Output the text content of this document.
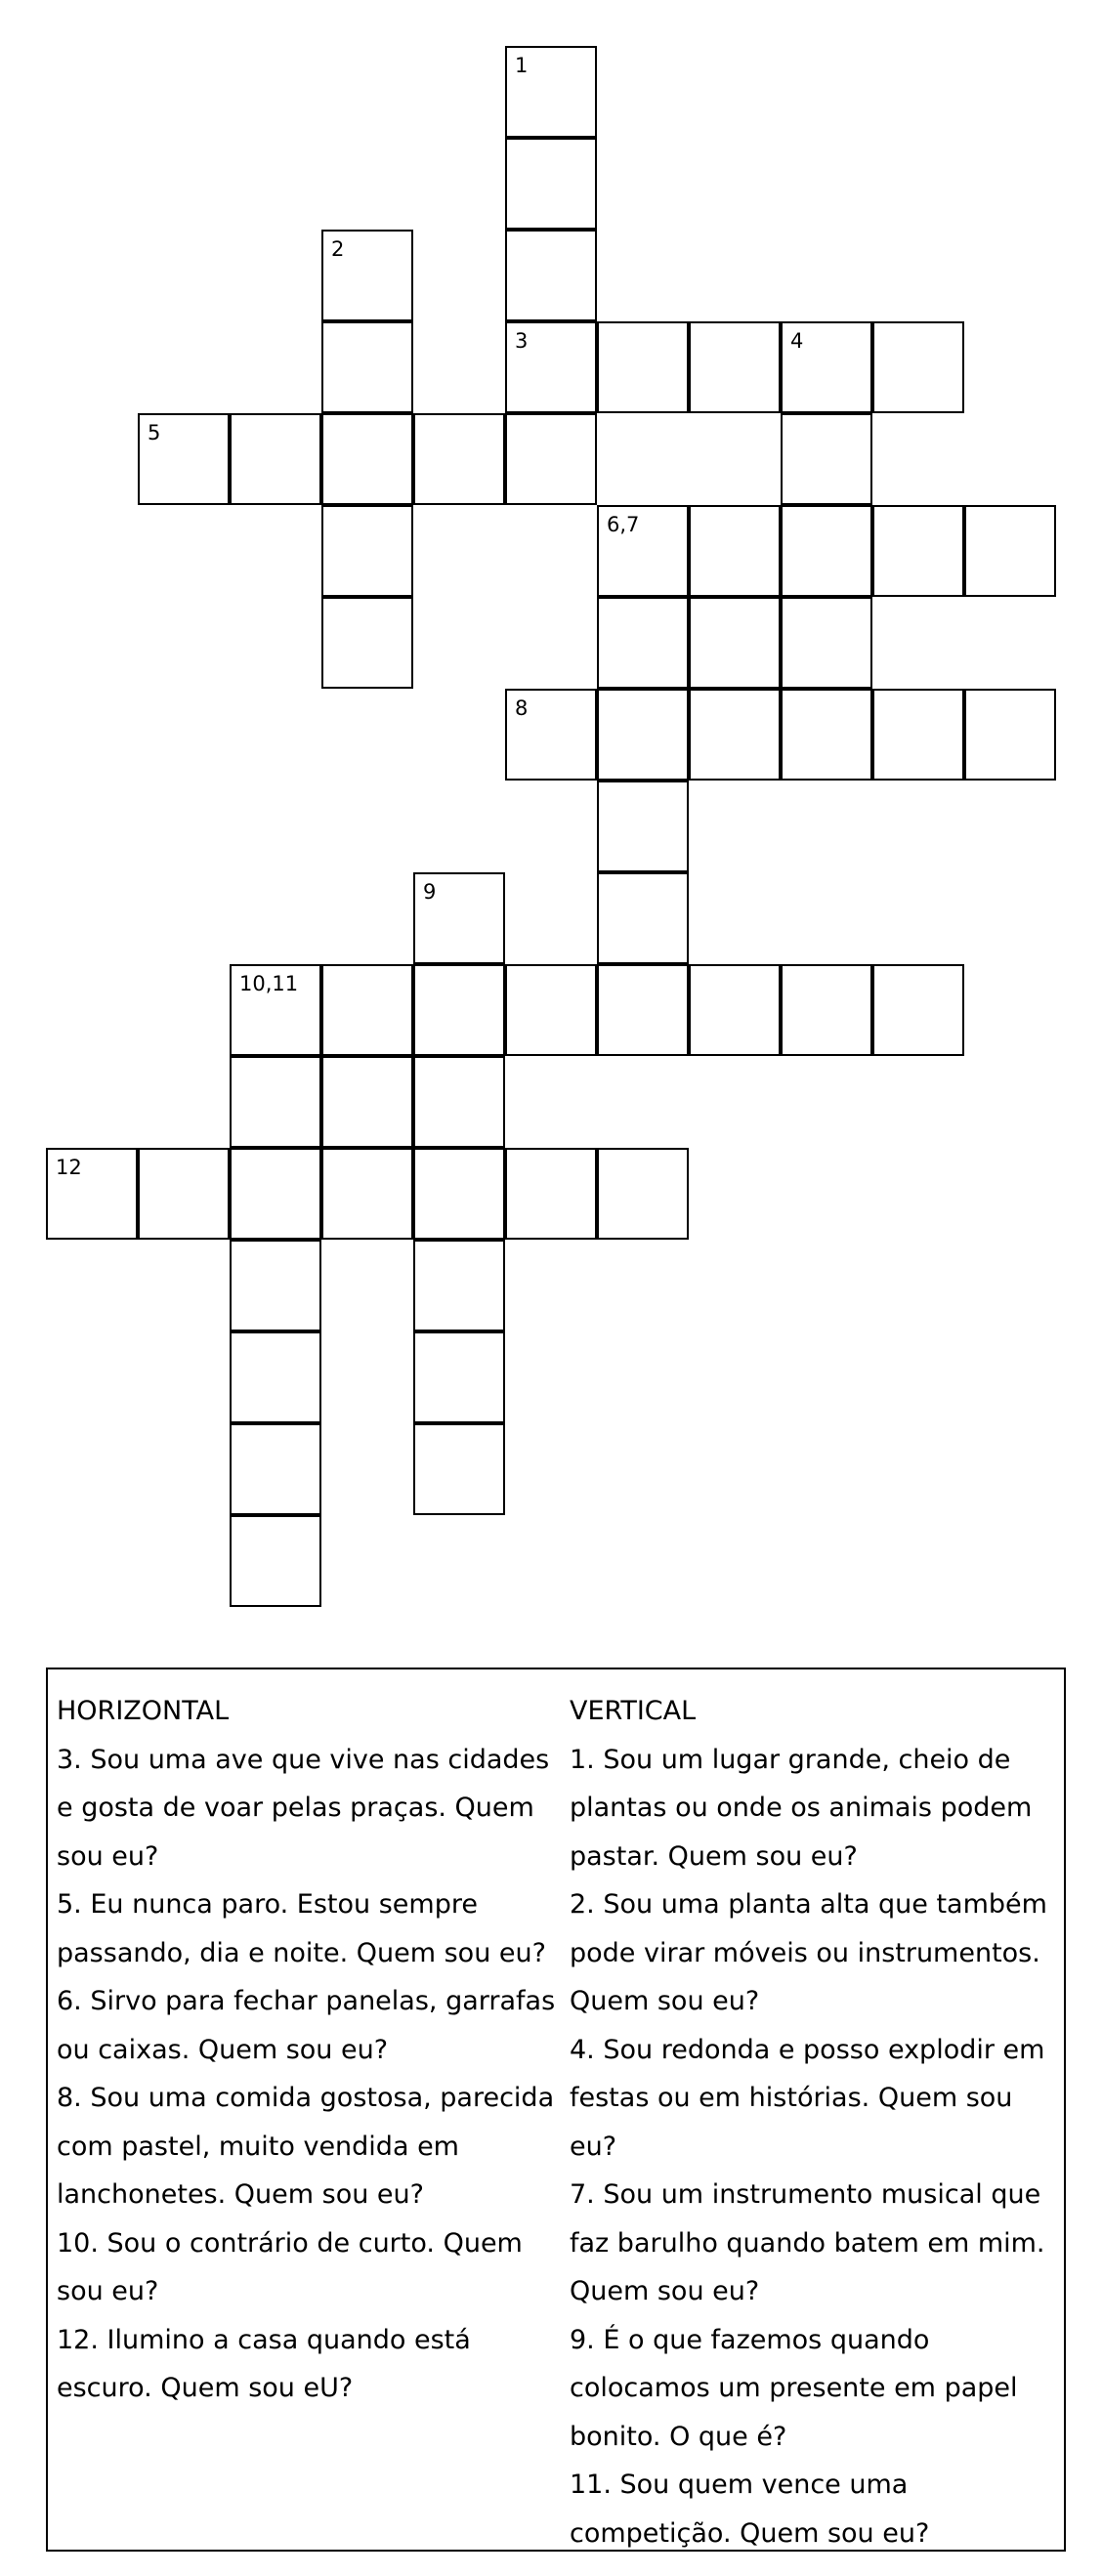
1
2
3	4
5
6,7
8
9
10,11
12
HORIZONTAL
3. Sou uma ave que vive nas cidades e gosta de voar pelas praças. Quem sou eu?
5. Eu nunca paro. Estou sempre passando, dia e noite. Quem sou eu?
6. Sirvo para fechar panelas, garrafas ou caixas. Quem sou eu?
8. Sou uma comida gostosa, parecida com pastel, muito vendida em lanchonetes. Quem sou eu?
10. Sou o contrário de curto. Quem sou eu?
12. Ilumino a casa quando está escuro. Quem sou eU?
VERTICAL
1. Sou um lugar grande, cheio de plantas ou onde os animais podem pastar. Quem sou eu?
2. Sou uma planta alta que também pode virar móveis ou instrumentos. Quem sou eu?
4. Sou redonda e posso explodir em festas ou em histórias. Quem sou eu?
7. Sou um instrumento musical que faz barulho quando batem em mim. Quem sou eu?
9. É o que fazemos quando colocamos um presente em papel bonito. O que é?
11. Sou quem vence uma competição. Quem sou eu?
